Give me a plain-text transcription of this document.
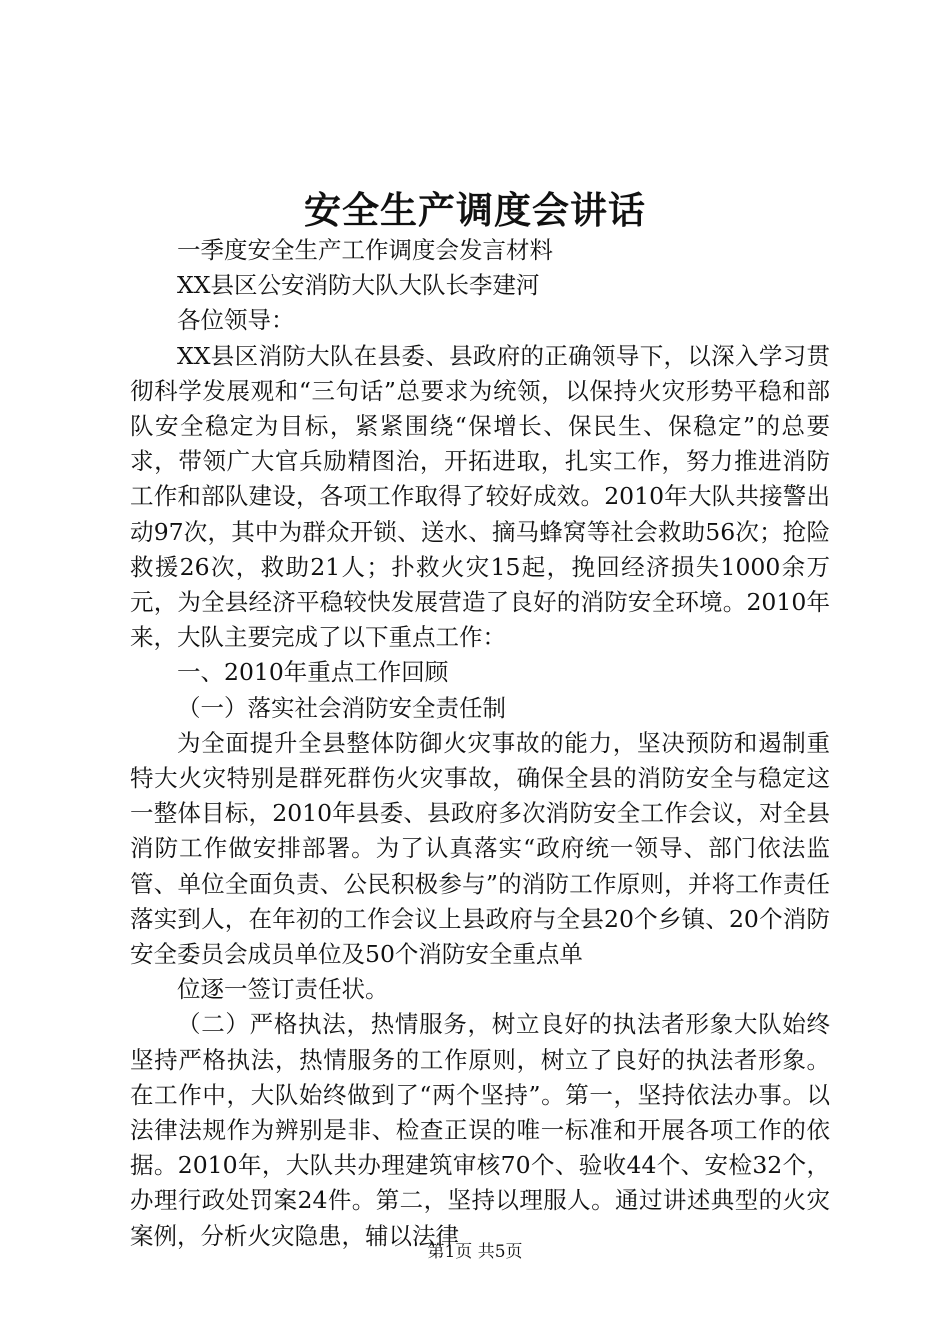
安全生产调度会讲话

一季度安全生产工作调度会发言材料

XX县区公安消防大队大队长李建河

各位领导：

XX县区消防大队在县委、县政府的正确领导下，以深入学习贯彻科学发展观和“三句话”总要求为统领，以保持火灾形势平稳和部队安全稳定为目标，紧紧围绕“保增长、保民生、保稳定”的总要求，带领广大官兵励精图治，开拓进取，扎实工作，努力推进消防工作和部队建设，各项工作取得了较好成效。2010年大队共接警出动97次，其中为群众开锁、送水、摘马蜂窝等社会救助56次；抢险救援26次，救助21人；扑救火灾15起，挽回经济损失1000余万元，为全县经济平稳较快发展营造了良好的消防安全环境。2010年来，大队主要完成了以下重点工作：

一、2010年重点工作回顾

（一）落实社会消防安全责任制

为全面提升全县整体防御火灾事故的能力，坚决预防和遏制重特大火灾特别是群死群伤火灾事故，确保全县的消防安全与稳定这一整体目标，2010年县委、县政府多次消防安全工作会议，对全县消防工作做安排部署。为了认真落实“政府统一领导、部门依法监管、单位全面负责、公民积极参与”的消防工作原则，并将工作责任落实到人，在年初的工作会议上县政府与全县20个乡镇、20个消防安全委员会成员单位及50个消防安全重点单

位逐一签订责任状。

（二）严格执法，热情服务，树立良好的执法者形象大队始终坚持严格执法，热情服务的工作原则，树立了良好的执法者形象。在工作中，大队始终做到了“两个坚持”。第一，坚持依法办事。以法律法规作为辨别是非、检查正误的唯一标准和开展各项工作的依据。2010年，大队共办理建筑审核70个、验收44个、安检32个，办理行政处罚案24件。第二，坚持以理服人。通过讲述典型的火灾案例，分析火灾隐患，辅以法律

第1页 共5页
